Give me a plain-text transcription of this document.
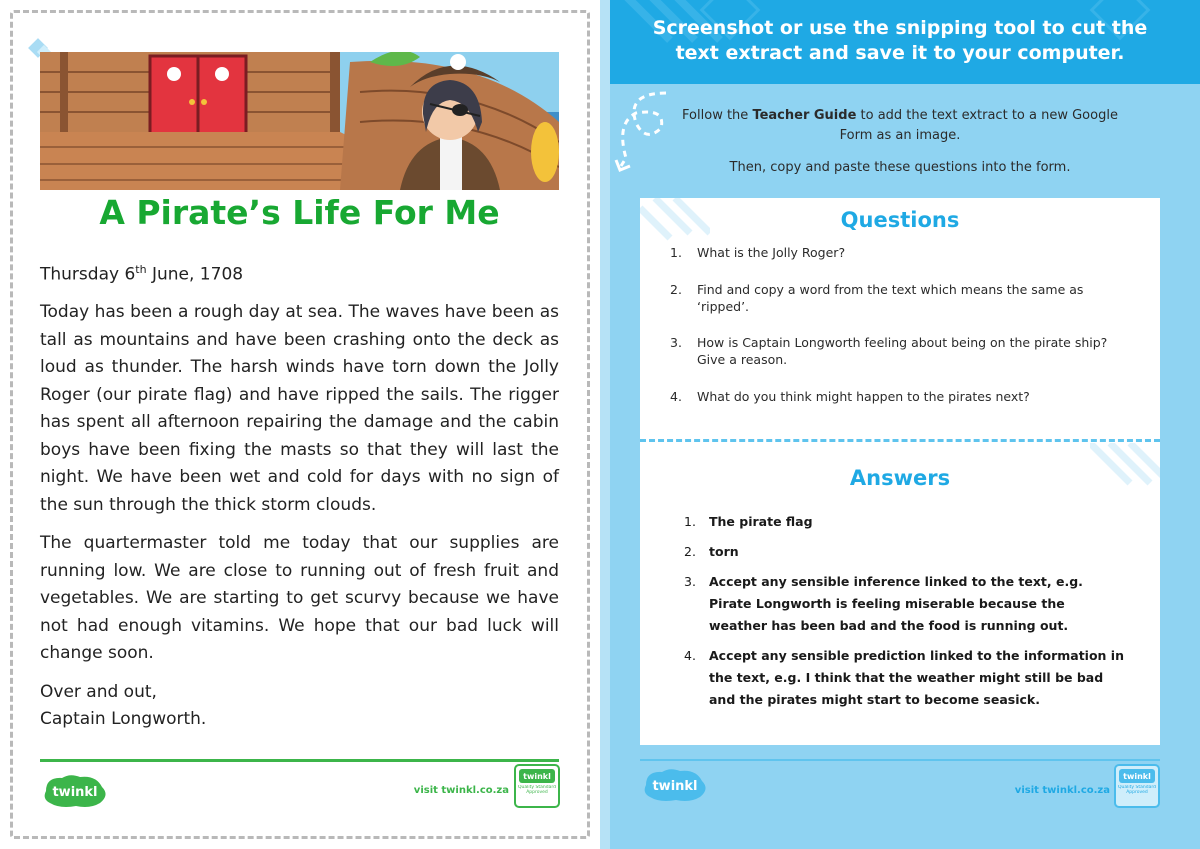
A Pirate’s Life For Me
Thursday 6th June, 1708

Today has been a rough day at sea. The waves have been as tall as mountains and have been crashing onto the deck as loud as thunder. The harsh winds have torn down the Jolly Roger (our pirate flag) and have ripped the sails. The rigger has spent all afternoon repairing the damage and the cabin boys have been fixing the masts so that they will last the night. We have been wet and cold for days with no sign of the sun through the thick storm clouds.

The quartermaster told me today that our supplies are running low. We are close to running out of fresh fruit and vegetables. We are starting to get scurvy because we have not had enough vitamins. We hope that our bad luck will change soon.

Over and out,
Captain Longworth.
twinkl	visit twinkl.co.za
twinkl
Quality Standard Approved
Screenshot or use the snipping tool to cut the text extract and save it to your computer.

Follow the Teacher Guide to add the text extract to a new Google Form as an image.

Then, copy and paste these questions into the form.

Questions
1. What is the Jolly Roger?
2. Find and copy a word from the text which means the same as ‘ripped’.
3. How is Captain Longworth feeling about being on the pirate ship? Give a reason.
4. What do you think might happen to the pirates next?
Answers
1. The pirate flag
2. torn
3. Accept any sensible inference linked to the text, e.g. Pirate Longworth is feeling miserable because the weather has been bad and the food is running out.
4. Accept any sensible prediction linked to the information in the text, e.g. I think that the weather might still be bad and the pirates might start to become seasick.
twinkl	visit twinkl.co.za
twinkl
Quality Standard Approved
